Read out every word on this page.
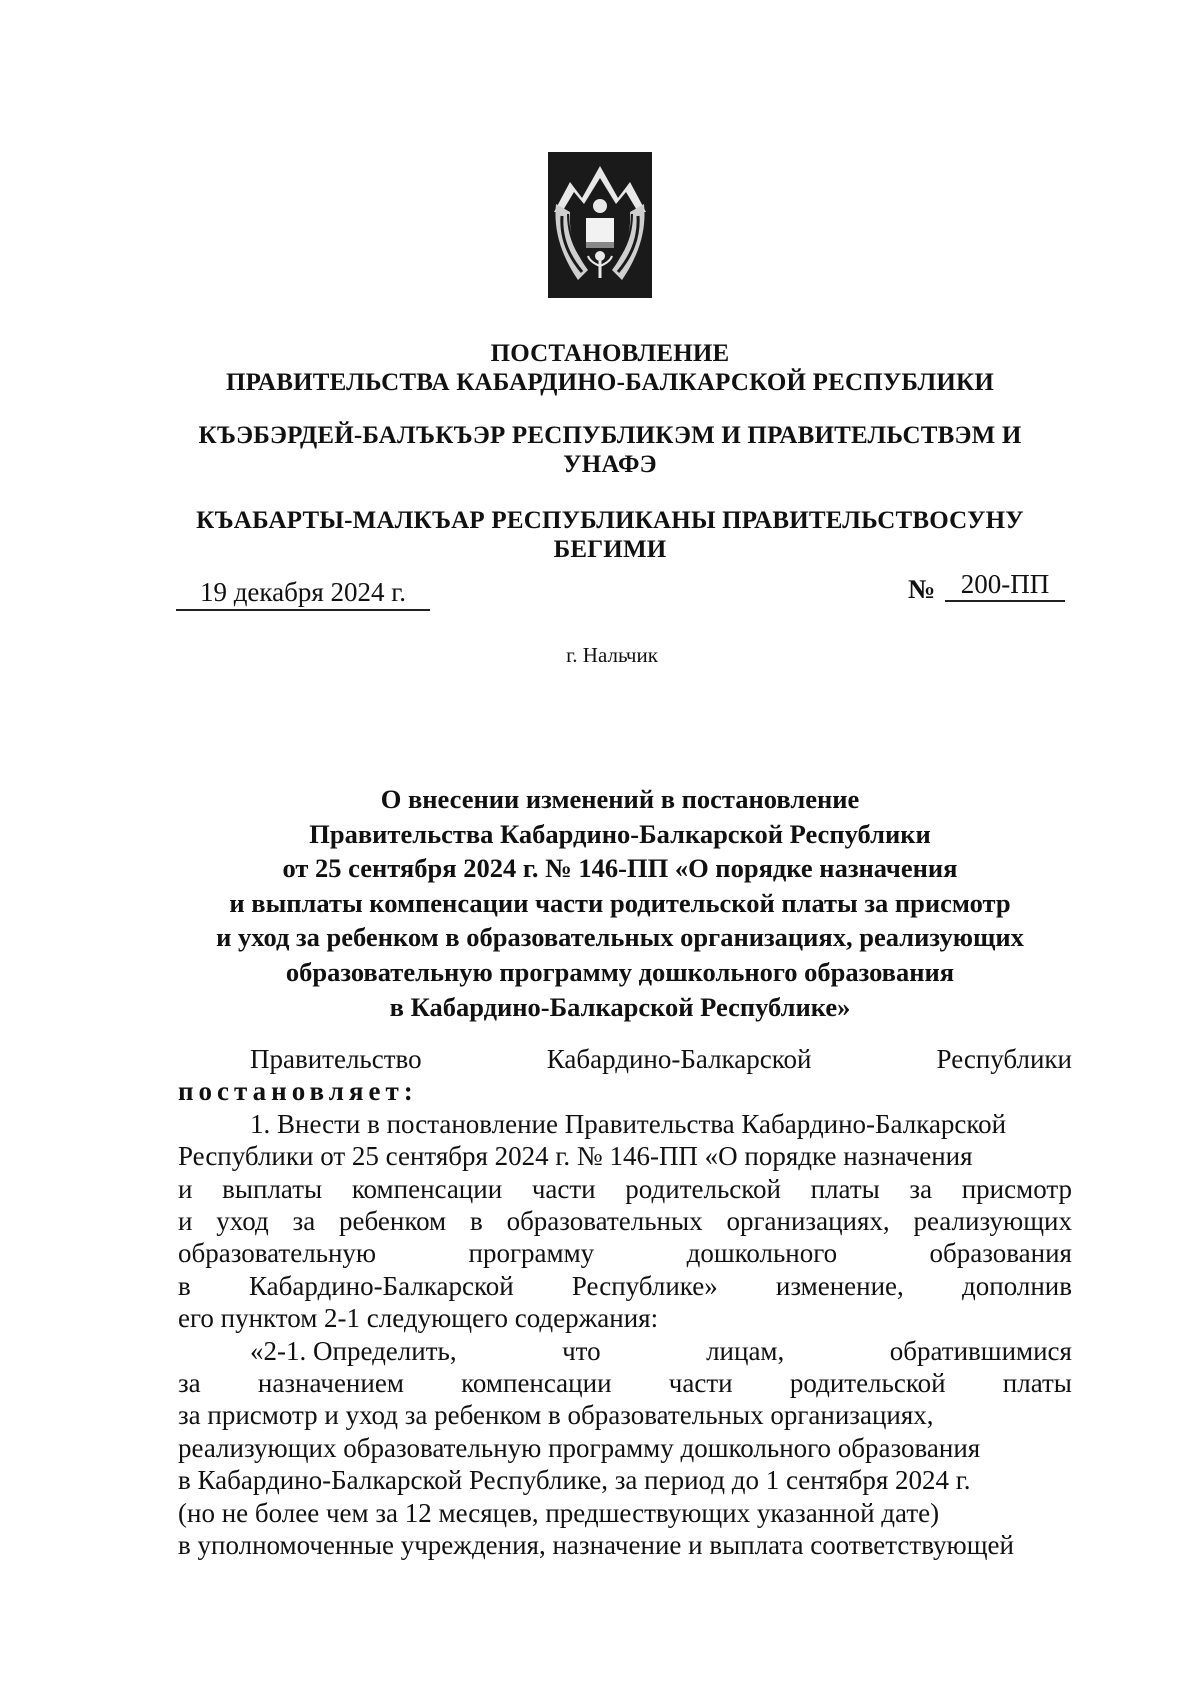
ПОСТАНОВЛЕНИЕ
ПРАВИТЕЛЬСТВА КАБАРДИНО-БАЛКАРСКОЙ РЕСПУБЛИКИ
КЪЭБЭРДЕЙ-БАЛЪКЪЭР РЕСПУБЛИКЭМ И ПРАВИТЕЛЬСТВЭМ И
УНАФЭ
КЪАБАРТЫ-МАЛКЪАР РЕСПУБЛИКАНЫ ПРАВИТЕЛЬСТВОСУНУ
БЕГИМИ
19 декабря 2024 г.	№ 200-ПП
г. Нальчик
О внесении изменений в постановление
Правительства Кабардино-Балкарской Республики
от 25 сентября 2024 г. № 146-ПП «О порядке назначения
и выплаты компенсации части родительской платы за присмотр
и уход за ребенком в образовательных организациях, реализующих
образовательную программу дошкольного образования
в Кабардино-Балкарской Республике»
Правительство	Кабардино-Балкарской	Республики
постановляет:
1. Внести в постановление Правительства Кабардино-Балкарской
Республики от 25 сентября 2024 г. № 146-ПП «О порядке назначения
и выплаты компенсации части родительской платы за присмотр
и уход за ребенком в образовательных организациях, реализующих
образовательную	программу	дошкольного	образования
в Кабардино-Балкарской Республике» изменение, дополнив
его пунктом 2-1 следующего содержания:
«2-1. Определить,	что	лицам,	обратившимися
за назначением компенсации части родительской платы
за присмотр и уход за ребенком в образовательных организациях,
реализующих образовательную программу дошкольного образования
в Кабардино-Балкарской Республике, за период до 1 сентября 2024 г.
(но не более чем за 12 месяцев, предшествующих указанной дате)
в уполномоченные учреждения, назначение и выплата соответствующей
